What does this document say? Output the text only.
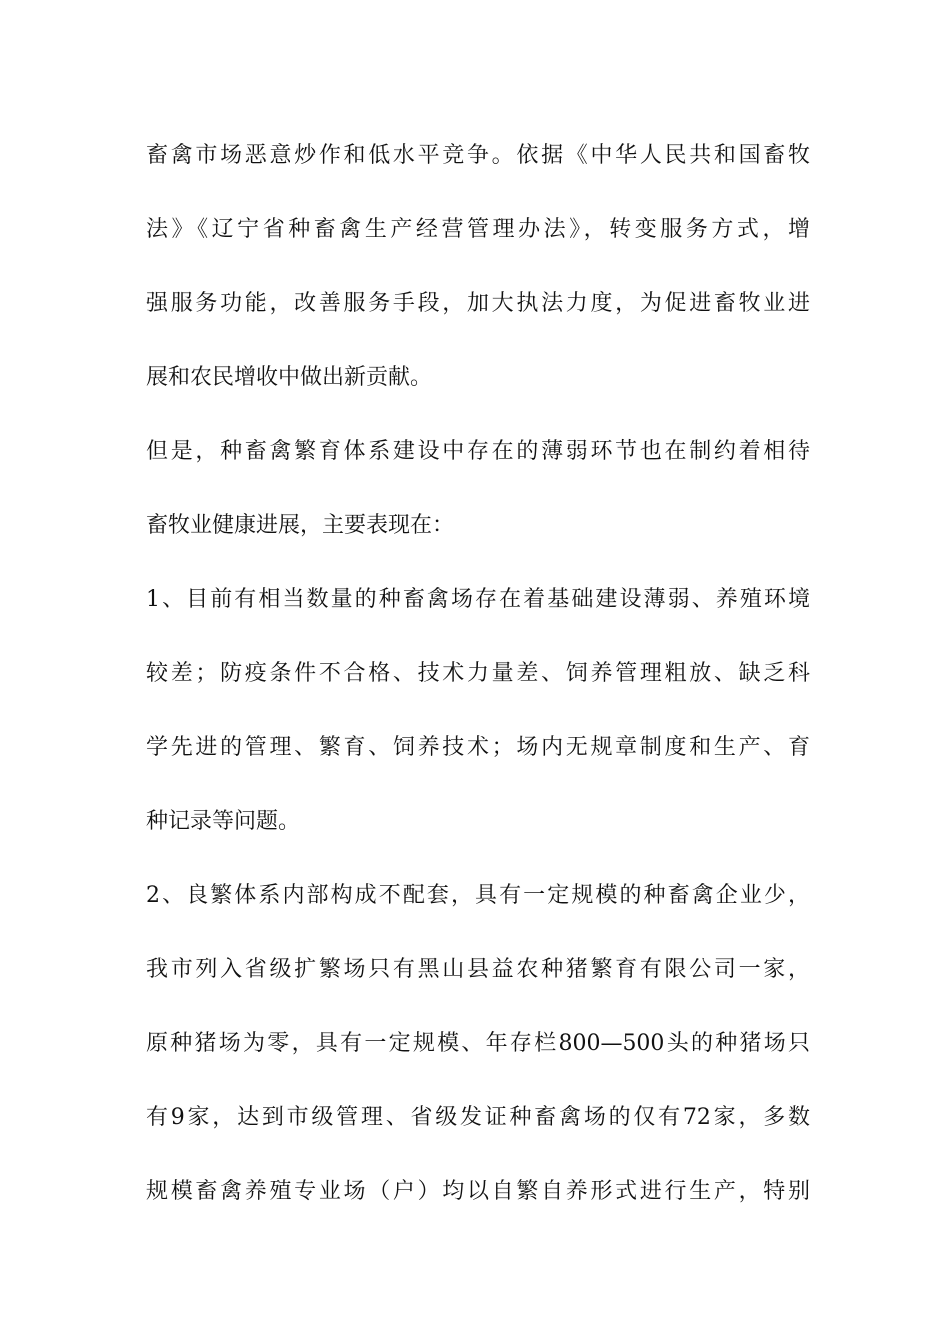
畜禽市场恶意炒作和低水平竞争。依据《中华人民共和国畜牧
法》《辽宁省种畜禽生产经营管理办法》，转变服务方式，增
强服务功能，改善服务手段，加大执法力度，为促进畜牧业进
展和农民增收中做出新贡献。
但是，种畜禽繁育体系建设中存在的薄弱环节也在制约着相待
畜牧业健康进展，主要表现在：
1、目前有相当数量的种畜禽场存在着基础建设薄弱、养殖环境
较差；防疫条件不合格、技术力量差、饲养管理粗放、缺乏科
学先进的管理、繁育、饲养技术；场内无规章制度和生产、育
种记录等问题。
2、良繁体系内部构成不配套，具有一定规模的种畜禽企业少，
我市列入省级扩繁场只有黑山县益农种猪繁育有限公司一家，
原种猪场为零，具有一定规模、年存栏800—500头的种猪场只
有9家，达到市级管理、省级发证种畜禽场的仅有72家，多数
规模畜禽养殖专业场（户）均以自繁自养形式进行生产，特别
